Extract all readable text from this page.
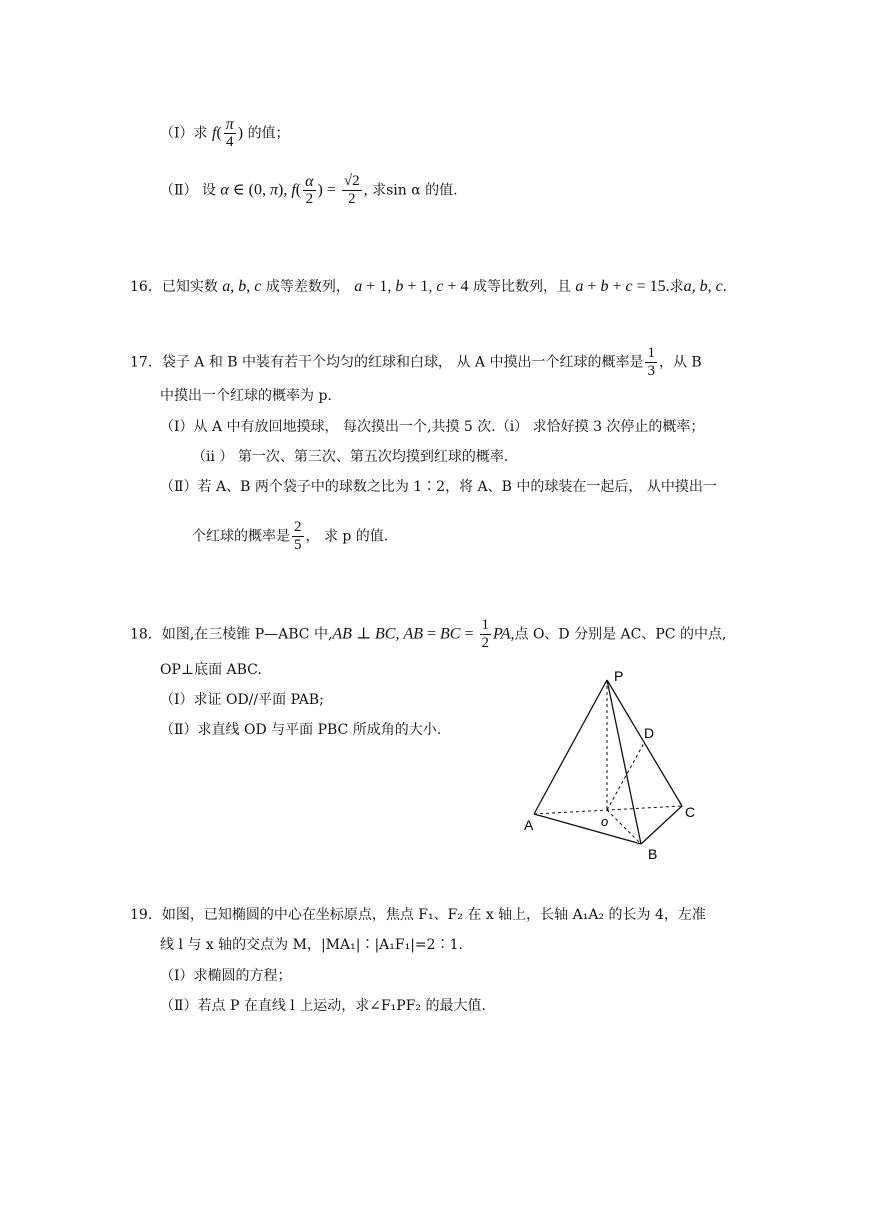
（Ⅰ）求 $f( \frac{\pi}{4}$ ) 的值；
（Ⅱ） 设 α ∈ (0, π), $f( \frac{\alpha}{2}$ ) = $\frac{√2}{2}$ , 求sin α 的值.
16．已知实数 a, b, c 成等差数列， a + 1, b + 1, c + 4 成等比数列，且 a + b + c = 15.求a, b, c.
17．袋子 A 和 B 中装有若干个均匀的红球和白球， 从 A 中摸出一个红球的概率是 $\frac{1}{3}$ ，从 B
中摸出一个红球的概率为 p.
（Ⅰ）从 A 中有放回地摸球， 每次摸出一个,共摸 5 次.（ⅰ） 求恰好摸 3 次停止的概率；
（ⅱ ） 第一次、第三次、第五次均摸到红球的概率.
（Ⅱ）若 A、B 两个袋子中的球数之比为 1∶2，将 A、B 中的球装在一起后， 从中摸出一
个红球的概率是 $\frac{2}{5}$ ， 求 p 的值.
18．如图,在三棱锥 P—ABC 中,AB ⊥ BC, AB = BC = $\frac{1}{2}$ PA,点 O、D 分别是 AC、PC 的中点,
OP⊥底面 ABC.
（Ⅰ）求证 OD//平面 PAB;
（Ⅱ）求直线 OD 与平面 PBC 所成角的大小.
P
D
A	o
C
B
19．如图，已知椭圆的中心在坐标原点，焦点 F₁、F₂ 在 x 轴上，长轴 A₁A₂ 的长为 4，左准
线 l 与 x 轴的交点为 M，|MA₁|∶|A₁F₁|=2∶1.
（Ⅰ）求椭圆的方程；
（Ⅱ）若点 P 在直线 l 上运动，求∠F₁PF₂ 的最大值.
